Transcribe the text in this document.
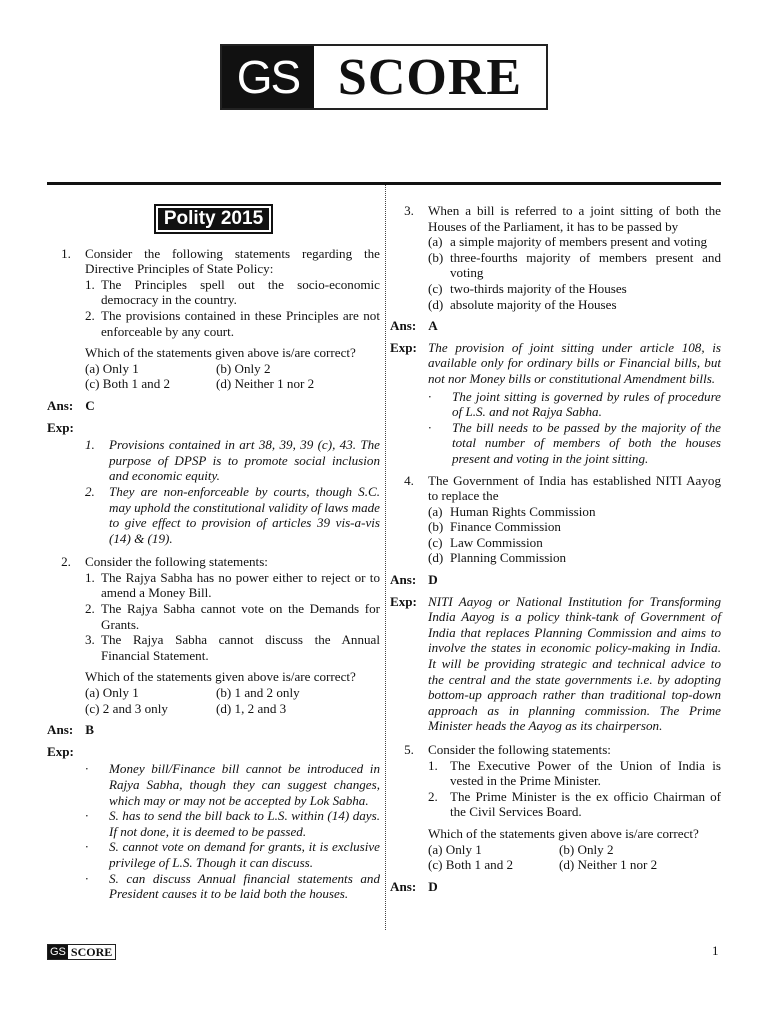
GS SCORE
Polity 2015
1.	Consider the following statements regarding the Directive Principles of State Policy:
1. The Principles spell out the socio-economic democracy in the country.
2. The provisions contained in these Principles are not enforceable by any court.
Which of the statements given above is/are correct?
(a) Only 1	(b) Only 2
(c) Both 1 and 2	(d) Neither 1 nor 2
Ans: C
Exp:
1.	Provisions contained in art 38, 39, 39 (c), 43. The purpose of DPSP is to promote social inclusion and economic equity.
2.	They are non-enforceable by courts, though S.C. may uphold the constitutional validity of laws made to give effect to provision of articles 39 vis-a-vis (14) & (19).
2.	Consider the following statements:
1. The Rajya Sabha has no power either to reject or to amend a Money Bill.
2. The Rajya Sabha cannot vote on the Demands for Grants.
3. The Rajya Sabha cannot discuss the Annual Financial Statement.
Which of the statements given above is/are correct?
(a) Only 1	(b) 1 and 2 only
(c) 2 and 3 only	(d) 1, 2 and 3
Ans: B
Exp:
·	Money bill/Finance bill cannot be introduced in Rajya Sabha, though they can suggest changes, which may or may not be accepted by Lok Sabha.
·	S. has to send the bill back to L.S. within (14) days. If not done, it is deemed to be passed.
·	S. cannot vote on demand for grants, it is exclusive privilege of L.S. Though it can discuss.
·	S. can discuss Annual financial statements and President causes it to be laid both the houses.
3.	When a bill is referred to a joint sitting of both the Houses of the Parliament, it has to be passed by
(a) a simple majority of members present and voting
(b) three-fourths majority of members present and voting
(c) two-thirds majority of the Houses
(d) absolute majority of the Houses
Ans: A
Exp: The provision of joint sitting under article 108, is available only for ordinary bills or Financial bills, but not nor Money bills or constitutional Amendment bills.
·	The joint sitting is governed by rules of procedure of L.S. and not Rajya Sabha.
·	The bill needs to be passed by the majority of the total number of members of both the houses present and voting in the joint sitting.
4.	The Government of India has established NITI Aayog to replace the
(a) Human Rights Commission
(b) Finance Commission
(c) Law Commission
(d) Planning Commission
Ans: D
Exp: NITI Aayog or National Institution for Transforming India Aayog is a policy think-tank of Government of India that replaces Planning Commission and aims to involve the states in economic policy-making in India. It will be providing strategic and technical advice to the central and the state governments i.e. by adopting bottom-up approach rather than traditional top-down approach as in planning commission. The Prime Minister heads the Aayog as its chairperson.
5.	Consider the following statements:
1. The Executive Power of the Union of India is vested in the Prime Minister.
2. The Prime Minister is the ex officio Chairman of the Civil Services Board.
Which of the statements given above is/are correct?
(a) Only 1	(b) Only 2
(c) Both 1 and 2	(d) Neither 1 nor 2
Ans: D
GS SCORE	1
